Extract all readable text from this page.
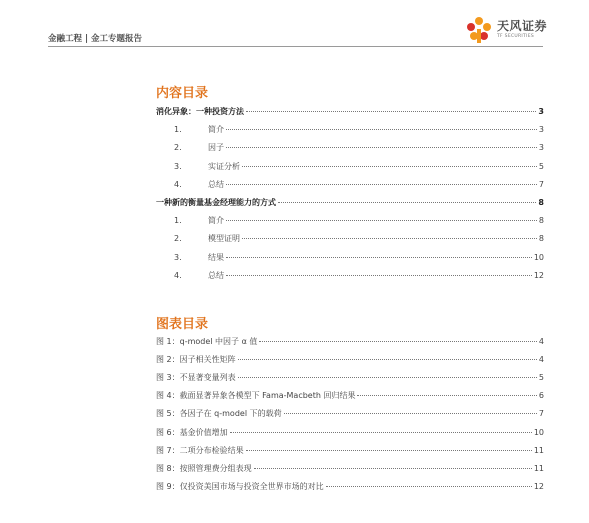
金融工程 | 金工专题报告
天风证券
TF SECURITIES
内容目录
消化异象：一种投资方法	3
1.	简介	3
2.	因子	3
3.	实证分析	5
4.	总结	7
一种新的衡量基金经理能力的方式	8
1.	简介	8
2.	模型证明	8
3.	结果	10
4.	总结	12
图表目录
图 1：q-model 中因子 α 值	4
图 2：因子相关性矩阵	4
图 3：不显著变量列表	5
图 4：截面显著异象各模型下 Fama-Macbeth 回归结果	6
图 5：各因子在 q-model 下的载荷	7
图 6：基金价值增加	10
图 7：二项分布检验结果	11
图 8：按照管理费分组表现	11
图 9：仅投资美国市场与投资全世界市场的对比	12
